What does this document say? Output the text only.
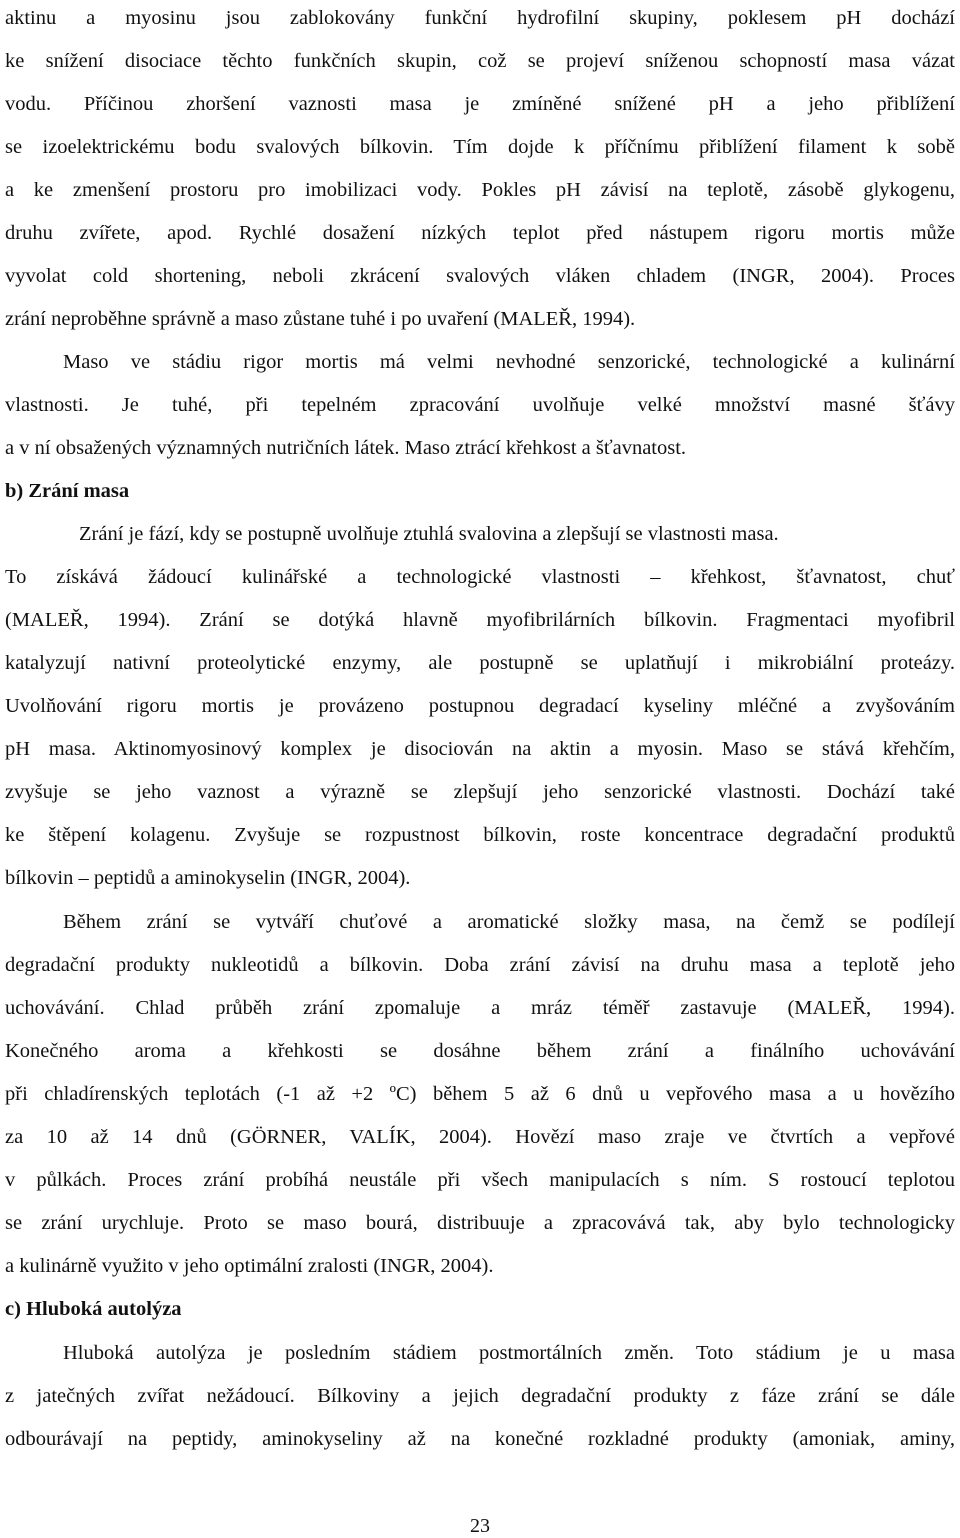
aktinu a myosinu jsou zablokovány funkční hydrofilní skupiny, poklesem pH dochází
ke snížení disociace těchto funkčních skupin, což se projeví sníženou schopností masa vázat
vodu. Příčinou zhoršení vaznosti masa je zmíněné snížené pH a jeho přiblížení
se izoelektrickému bodu svalových bílkovin. Tím dojde k příčnímu přiblížení filament k sobě
a ke zmenšení prostoru pro imobilizaci vody. Pokles pH závisí na teplotě, zásobě glykogenu,
druhu zvířete, apod. Rychlé dosažení nízkých teplot před nástupem rigoru mortis může
vyvolat cold shortening, neboli zkrácení svalových vláken chladem (INGR, 2004). Proces
zrání neproběhne správně a maso zůstane tuhé i po uvaření (MALEŘ, 1994).
Maso ve stádiu rigor mortis má velmi nevhodné senzorické, technologické a kulinární
vlastnosti. Je tuhé, při tepelném zpracování uvolňuje velké množství masné šťávy
a v ní obsažených významných nutričních látek. Maso ztrácí křehkost a šťavnatost.
b) Zrání masa
Zrání je fází, kdy se postupně uvolňuje ztuhlá svalovina a zlepšují se vlastnosti masa.
To získává žádoucí kulinářské a technologické vlastnosti – křehkost, šťavnatost, chuť
(MALEŘ, 1994). Zrání se dotýká hlavně myofibrilárních bílkovin. Fragmentaci myofibril
katalyzují nativní proteolytické enzymy, ale postupně se uplatňují i mikrobiální proteázy.
Uvolňování rigoru mortis je provázeno postupnou degradací kyseliny mléčné a zvyšováním
pH masa. Aktinomyosinový komplex je disociován na aktin a myosin. Maso se stává křehčím,
zvyšuje se jeho vaznost a výrazně se zlepšují jeho senzorické vlastnosti. Dochází také
ke štěpení kolagenu. Zvyšuje se rozpustnost bílkovin, roste koncentrace degradační produktů
bílkovin – peptidů a aminokyselin (INGR, 2004).
Během zrání se vytváří chuťové a aromatické složky masa, na čemž se podílejí
degradační produkty nukleotidů a bílkovin. Doba zrání závisí na druhu masa a teplotě jeho
uchovávání. Chlad průběh zrání zpomaluje a mráz téměř zastavuje (MALEŘ, 1994).
Konečného aroma a křehkosti se dosáhne během zrání a finálního uchovávání
při chladírenských teplotách (-1 až +2 ºC) během 5 až 6 dnů u vepřového masa a u hovězího
za 10 až 14 dnů (GÖRNER, VALÍK, 2004). Hovězí maso zraje ve čtvrtích a vepřové
v půlkách. Proces zrání probíhá neustále při všech manipulacích s ním. S rostoucí teplotou
se zrání urychluje. Proto se maso bourá, distribuuje a zpracovává tak, aby bylo technologicky
a kulinárně využito v jeho optimální zralosti (INGR, 2004).
c) Hluboká autolýza
Hluboká autolýza je posledním stádiem postmortálních změn. Toto stádium je u masa
z jatečných zvířat nežádoucí. Bílkoviny a jejich degradační produkty z fáze zrání se dále
odbourávají na peptidy, aminokyseliny až na konečné rozkladné produkty (amoniak, aminy,
23
